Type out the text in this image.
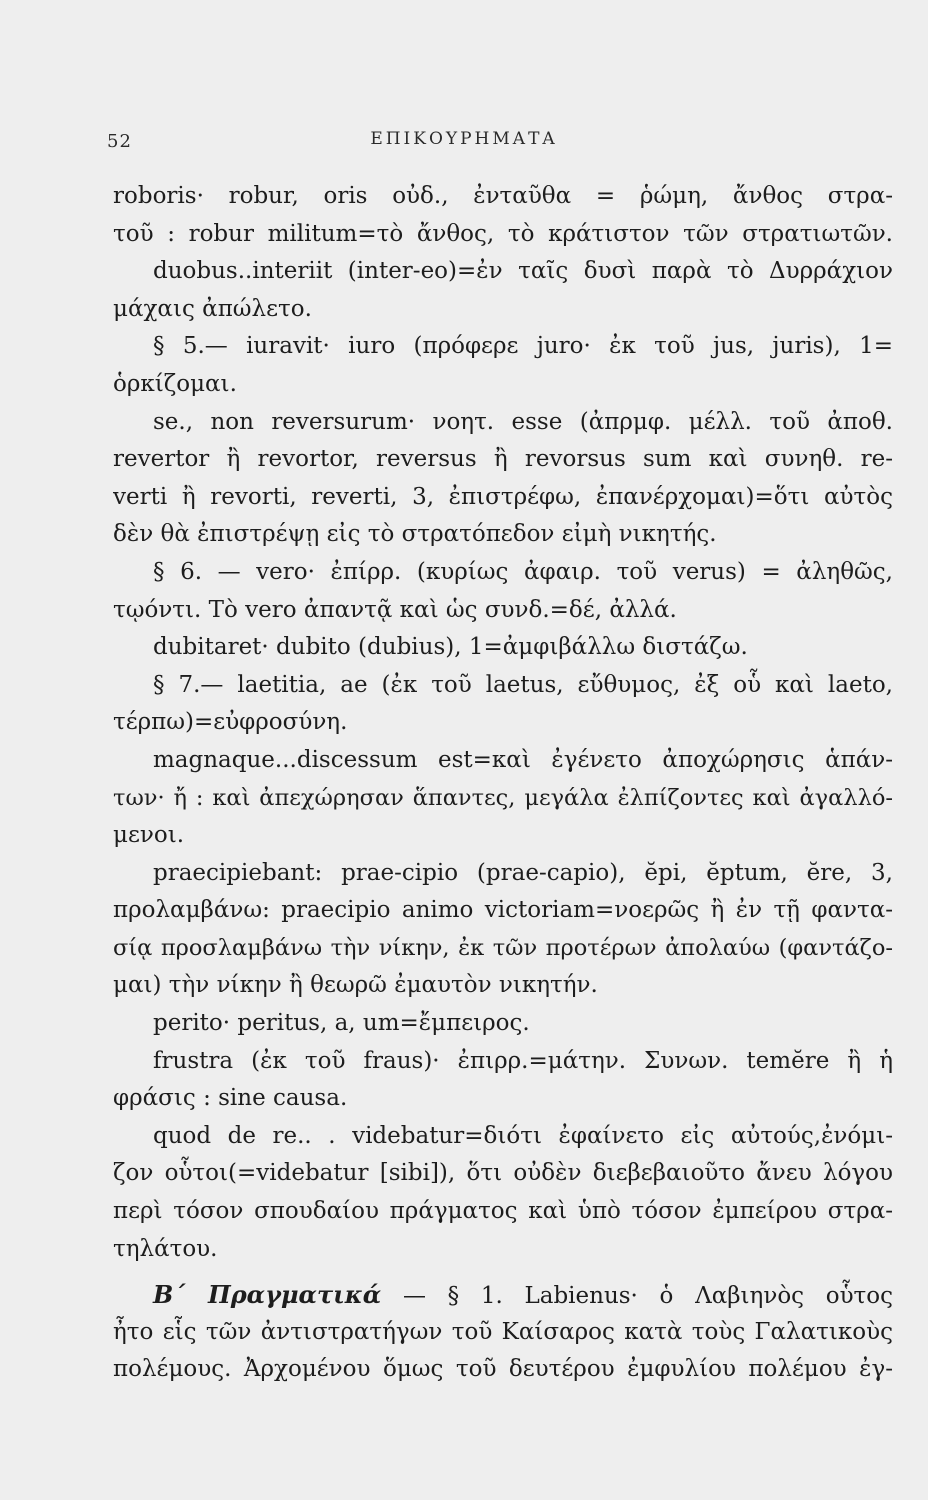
52	ΕΠΙΚΟΥΡΗΜΑΤΑ
roboris· robur, oris οὐδ., ἐνταῦθα = ῥώμη, ἄνθος στρα-
τοῦ : robur militum=τὸ ἄνθος, τὸ κράτιστον τῶν στρατιωτῶν.
duobus..interiit (inter-eo)=ἐν ταῖς δυσὶ παρὰ τὸ Δυρράχιον
μάχαις ἀπώλετο.
§ 5.— iuravit· iuro (πρόφερε juro· ἐκ τοῦ jus, juris), 1=
ὁρκίζομαι.
se., non reversurum· νοητ. esse (ἀπρμφ. μέλλ. τοῦ ἀποθ.
revertor ἢ revortor, reversus ἢ revorsus sum καὶ συνηθ. re-
verti ἢ revorti, reverti, 3, ἐπιστρέφω, ἐπανέρχομαι)=ὅτι αὐτὸς
δὲν θὰ ἐπιστρέψῃ εἰς τὸ στρατόπεδον εἰμὴ νικητής.
§ 6. — vero· ἐπίρρ. (κυρίως ἀφαιρ. τοῦ verus) = ἀληθῶς,
τῳόντι. Τὸ vero ἀπαντᾷ καὶ ὡς συνδ.=δέ, ἀλλά.
dubitaret· dubito (dubius), 1=ἀμφιβάλλω διστάζω.
§ 7.— laetitia, ae (ἐκ τοῦ laetus, εὔθυμος, ἐξ οὗ καὶ laeto,
τέρπω)=εὐφροσύνη.
magnaque...discessum est=καὶ ἐγένετο ἀποχώρησις ἁπάν-
των· ἤ : καὶ ἀπεχώρησαν ἅπαντες, μεγάλα ἐλπίζοντες καὶ ἀγαλλό-
μενοι.
praecipiebant: prae-cipio (prae-capio), ĕpi, ĕptum, ĕre, 3,
προλαμβάνω: praecipio animo victoriam=νοερῶς ἢ ἐν τῇ φαντα-
σίᾳ προσλαμβάνω τὴν νίκην, ἐκ τῶν προτέρων ἀπολαύω (φαντάζο-
μαι) τὴν νίκην ἢ θεωρῶ ἐμαυτὸν νικητήν.
perito· peritus, a, um=ἔμπειρος.
frustra (ἐκ τοῦ fraus)· ἐπιρρ.=μάτην. Συνων. temĕre ἢ ἡ
φράσις : sine causa.
quod de re.. . videbatur=διότι ἐφαίνετο εἰς αὐτούς,ἐνόμι-
ζον οὗτοι(=videbatur [sibi]), ὅτι οὐδὲν διεβεβαιοῦτο ἄνευ λόγου
περὶ τόσον σπουδαίου πράγματος καὶ ὑπὸ τόσον ἐμπείρου στρα-
τηλάτου.
Β΄ Πραγματικά — § 1. Labienus· ὁ Λαβιηνὸς οὗτος
ἦτο εἷς τῶν ἀντιστρατήγων τοῦ Καίσαρος κατὰ τοὺς Γαλατικοὺς
πολέμους. Ἀρχομένου ὅμως τοῦ δευτέρου ἐμφυλίου πολέμου ἐγ-
